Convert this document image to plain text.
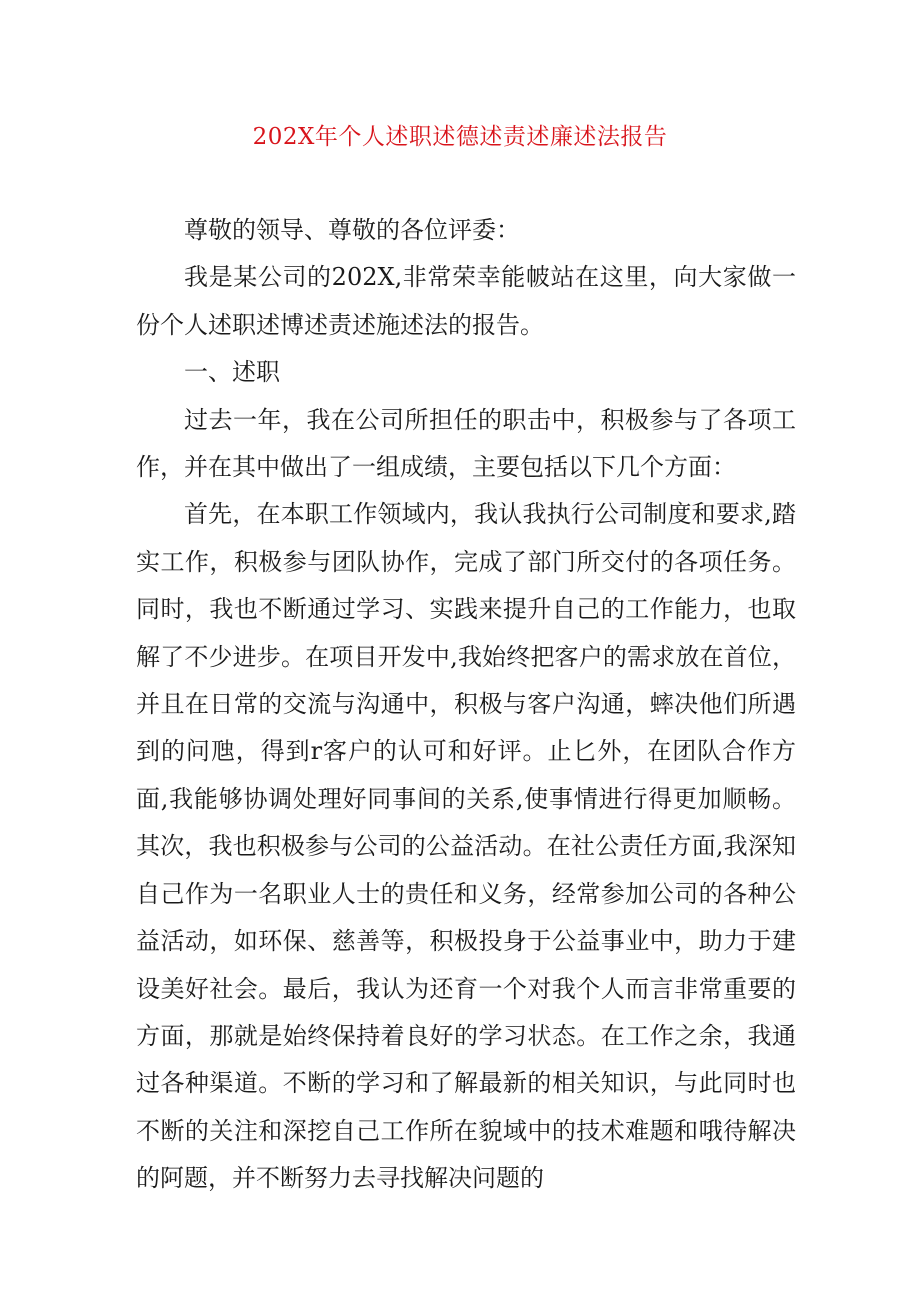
202X年个人述职述德述责述廉述法报告

尊敬的领导、尊敬的各位评委：

我是某公司的202X,非常荣幸能帔站在这里，向大家做一份个人述职述博述责述施述法的报告。

一、述职

过去一年，我在公司所担任的职击中，积极参与了各项工作，并在其中做出了一组成绩，主要包括以下几个方面：

首先，在本职工作领域内，我认我执行公司制度和要求,踏实工作，积极参与团队协作，完成了部门所交付的各项任务。同时，我也不断通过学习、实践来提升自己的工作能力，也取解了不少进步。在项目开发中,我始终把客户的需求放在首位，并且在日常的交流与沟通中，积极与客户沟通，蟀决他们所遇到的问虺，得到r客户的认可和好评。止匕外，在团队合作方面,我能够协调处理好同事间的关系,使事情进行得更加顺畅。其次，我也积极参与公司的公益活动。在社公责任方面,我深知自己作为一名职业人士的贵任和义务，经常参加公司的各种公益活动，如环保、慈善等，积极投身于公益事业中，助力于建设美好社会。最后，我认为还育一个对我个人而言非常重要的方面，那就是始终保持着良好的学习状态。在工作之余，我通过各种渠道。不断的学习和了解最新的相关知识，与此同时也不断的关注和深挖自己工作所在貌域中的技术难题和哦待解决的阿题，并不断努力去寻找解决问题的
